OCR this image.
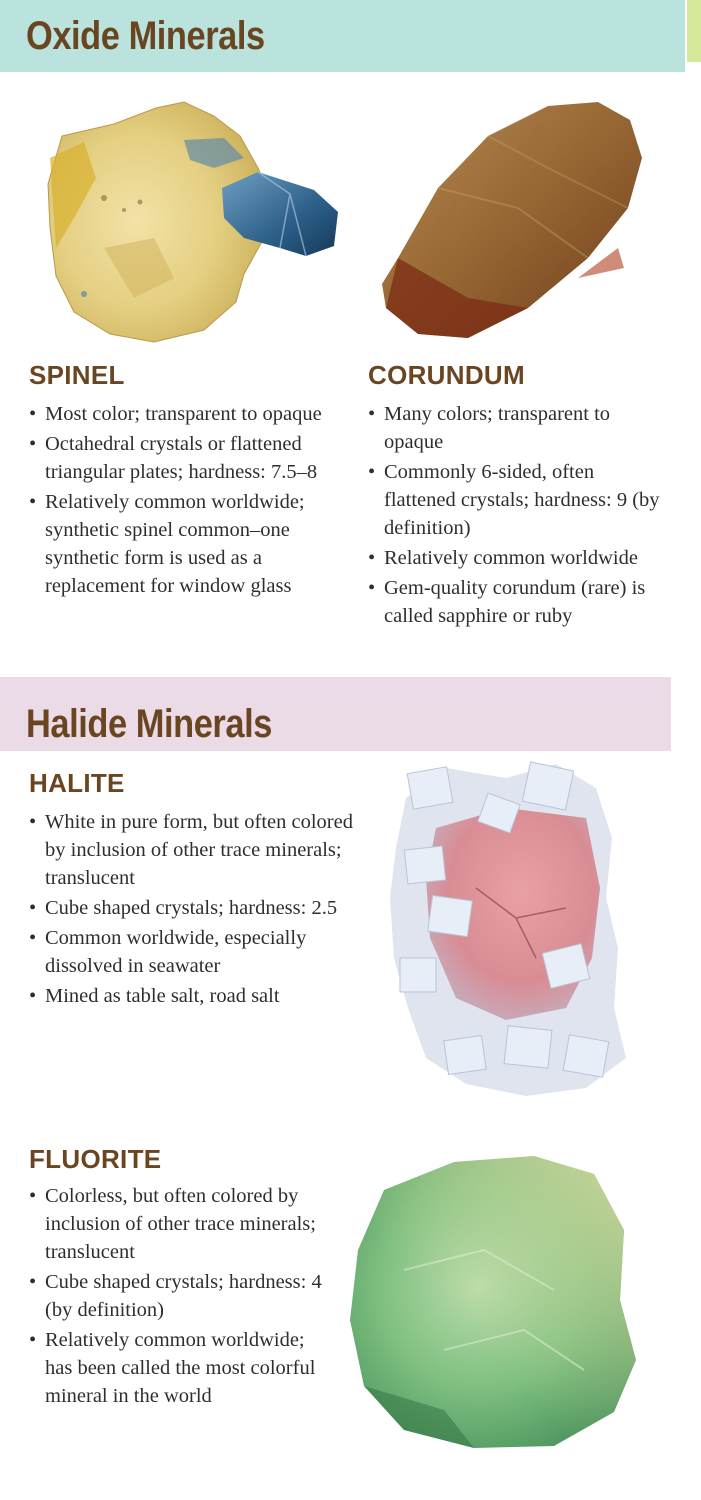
Oxide Minerals
SPINEL
• Most color; transparent to opaque
• Octahedral crystals or flattened triangular plates; hardness: 7.5–8
• Relatively common worldwide; synthetic spinel common–one synthetic form is used as a replacement for window glass
CORUNDUM
• Many colors; transparent to opaque
• Commonly 6-sided, often flattened crystals; hardness: 9 (by definition)
• Relatively common worldwide
• Gem-quality corundum (rare) is called sapphire or ruby
Halide Minerals
HALITE
• White in pure form, but often colored by inclusion of other trace minerals; translucent
• Cube shaped crystals; hardness: 2.5
• Common worldwide, especially dissolved in seawater
• Mined as table salt, road salt
FLUORITE
• Colorless, but often colored by inclusion of other trace minerals; translucent
• Cube shaped crystals; hardness: 4 (by definition)
• Relatively common worldwide; has been called the most colorful mineral in the world
